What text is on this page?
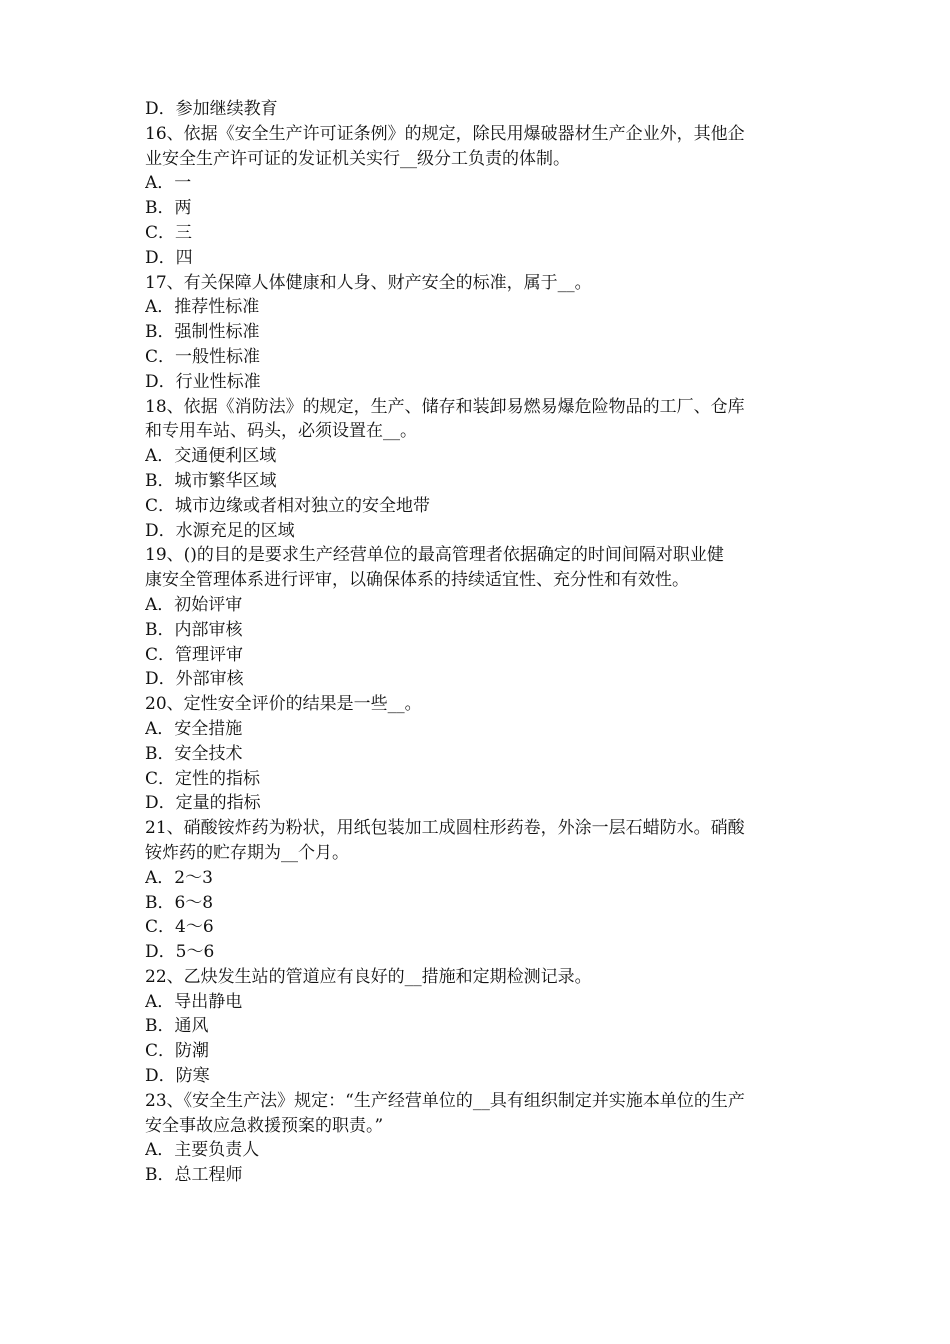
D．参加继续教育
16、依据《安全生产许可证条例》的规定，除民用爆破器材生产企业外，其他企
业安全生产许可证的发证机关实行__级分工负责的体制。
A．一
B．两
C．三
D．四
17、有关保障人体健康和人身、财产安全的标准，属于__。
A．推荐性标准
B．强制性标准
C．一般性标准
D．行业性标准
18、依据《消防法》的规定，生产、储存和装卸易燃易爆危险物品的工厂、仓库
和专用车站、码头，必须设置在__。
A．交通便利区域
B．城市繁华区域
C．城市边缘或者相对独立的安全地带
D．水源充足的区域
19、()的目的是要求生产经营单位的最高管理者依据确定的时间间隔对职业健
康安全管理体系进行评审，以确保体系的持续适宜性、充分性和有效性。
A．初始评审
B．内部审核
C．管理评审
D．外部审核
20、定性安全评价的结果是一些__。
A．安全措施
B．安全技术
C．定性的指标
D．定量的指标
21、硝酸铵炸药为粉状，用纸包装加工成圆柱形药卷，外涂一层石蜡防水。硝酸
铵炸药的贮存期为__个月。
A．2～3
B．6～8
C．4～6
D．5～6
22、乙炔发生站的管道应有良好的__措施和定期检测记录。
A．导出静电
B．通风
C．防潮
D．防寒
23、《安全生产法》规定：“生产经营单位的__具有组织制定并实施本单位的生产
安全事故应急救援预案的职责。”
A．主要负责人
B．总工程师
